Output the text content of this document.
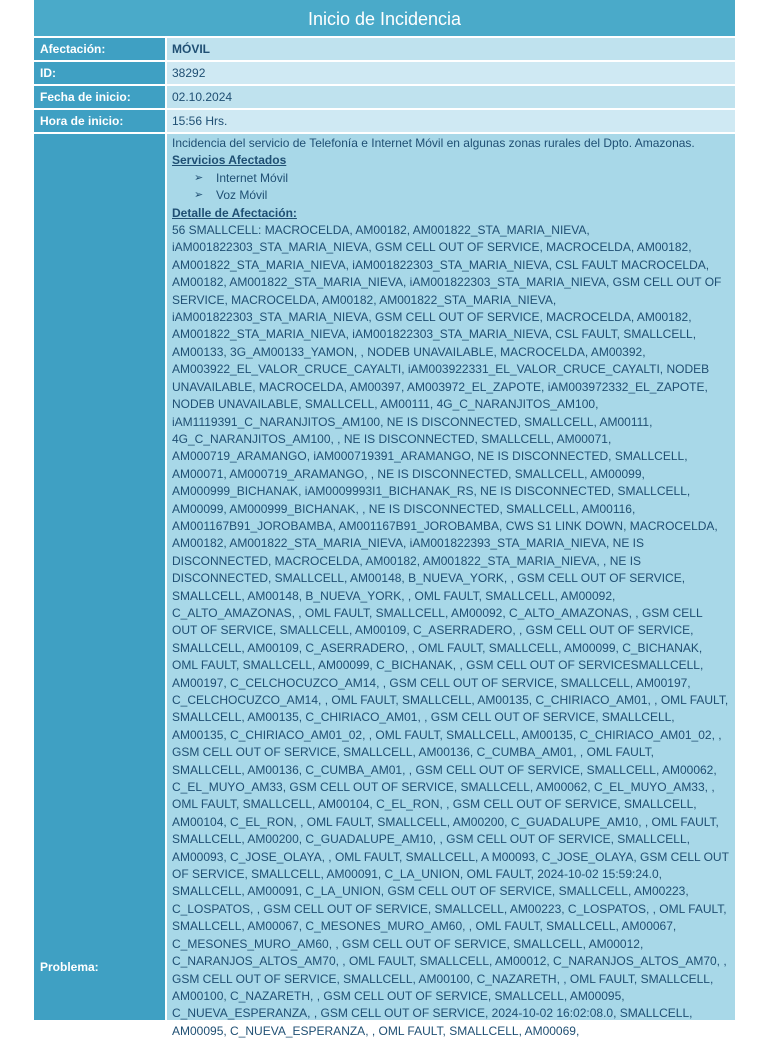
Inicio de Incidencia
Afectación:	MÓVIL
ID:	38292
Fecha de inicio:	02.10.2024
Hora de inicio:	15:56 Hrs.
Problema:
Incidencia del servicio de Telefonía e Internet Móvil en algunas zonas rurales del Dpto. Amazonas.
Servicios Afectados
➢	Internet Móvil
➢	Voz Móvil
Detalle de Afectación:
56 SMALLCELL: MACROCELDA, AM00182, AM001822_STA_MARIA_NIEVA, iAM001822303_STA_MARIA_NIEVA, GSM CELL OUT OF SERVICE, MACROCELDA, AM00182, AM001822_STA_MARIA_NIEVA, iAM001822303_STA_MARIA_NIEVA, CSL FAULT MACROCELDA, AM00182, AM001822_STA_MARIA_NIEVA, iAM001822303_STA_MARIA_NIEVA, GSM CELL OUT OF SERVICE, MACROCELDA, AM00182, AM001822_STA_MARIA_NIEVA, iAM001822303_STA_MARIA_NIEVA, GSM CELL OUT OF SERVICE, MACROCELDA, AM00182, AM001822_STA_MARIA_NIEVA, iAM001822303_STA_MARIA_NIEVA, CSL FAULT, SMALLCELL, AM00133, 3G_AM00133_YAMON, , NODEB UNAVAILABLE, MACROCELDA, AM00392, AM003922_EL_VALOR_CRUCE_CAYALTI, iAM003922331_EL_VALOR_CRUCE_CAYALTI, NODEB UNAVAILABLE, MACROCELDA, AM00397, AM003972_EL_ZAPOTE, iAM003972332_EL_ZAPOTE, NODEB UNAVAILABLE, SMALLCELL, AM00111, 4G_C_NARANJITOS_AM100, iAM1119391_C_NARANJITOS_AM100, NE IS DISCONNECTED, SMALLCELL, AM00111, 4G_C_NARANJITOS_AM100, , NE IS DISCONNECTED, SMALLCELL, AM00071, AM000719_ARAMANGO, iAM000719391_ARAMANGO, NE IS DISCONNECTED, SMALLCELL, AM00071, AM000719_ARAMANGO, , NE IS DISCONNECTED, SMALLCELL, AM00099, AM000999_BICHANAK, iAM0009993I1_BICHANAK_RS, NE IS DISCONNECTED, SMALLCELL, AM00099, AM000999_BICHANAK, , NE IS DISCONNECTED, SMALLCELL, AM00116, AM001167B91_JOROBAMBA, AM001167B91_JOROBAMBA, CWS S1 LINK DOWN, MACROCELDA, AM00182, AM001822_STA_MARIA_NIEVA, iAM001822393_STA_MARIA_NIEVA, NE IS DISCONNECTED, MACROCELDA, AM00182, AM001822_STA_MARIA_NIEVA, , NE IS DISCONNECTED, SMALLCELL, AM00148, B_NUEVA_YORK, , GSM CELL OUT OF SERVICE, SMALLCELL, AM00148, B_NUEVA_YORK, , OML FAULT, SMALLCELL, AM00092, C_ALTO_AMAZONAS, , OML FAULT, SMALLCELL, AM00092, C_ALTO_AMAZONAS, , GSM CELL OUT OF SERVICE, SMALLCELL, AM00109, C_ASERRADERO, , GSM CELL OUT OF SERVICE, SMALLCELL, AM00109, C_ASERRADERO, , OML FAULT, SMALLCELL, AM00099, C_BICHANAK, OML FAULT, SMALLCELL, AM00099, C_BICHANAK, , GSM CELL OUT OF SERVICESMALLCELL, AM00197, C_CELCHOCUZCO_AM14, , GSM CELL OUT OF SERVICE, SMALLCELL, AM00197, C_CELCHOCUZCO_AM14, , OML FAULT, SMALLCELL, AM00135, C_CHIRIACO_AM01, , OML FAULT, SMALLCELL, AM00135, C_CHIRIACO_AM01, , GSM CELL OUT OF SERVICE, SMALLCELL, AM00135, C_CHIRIACO_AM01_02, , OML FAULT, SMALLCELL, AM00135, C_CHIRIACO_AM01_02, , GSM CELL OUT OF SERVICE, SMALLCELL, AM00136, C_CUMBA_AM01, , OML FAULT, SMALLCELL, AM00136, C_CUMBA_AM01, , GSM CELL OUT OF SERVICE, SMALLCELL, AM00062, C_EL_MUYO_AM33, GSM CELL OUT OF SERVICE, SMALLCELL, AM00062, C_EL_MUYO_AM33, , OML FAULT, SMALLCELL, AM00104, C_EL_RON, , GSM CELL OUT OF SERVICE, SMALLCELL, AM00104, C_EL_RON, , OML FAULT, SMALLCELL, AM00200, C_GUADALUPE_AM10, , OML FAULT, SMALLCELL, AM00200, C_GUADALUPE_AM10, , GSM CELL OUT OF SERVICE, SMALLCELL, AM00093, C_JOSE_OLAYA, , OML FAULT, SMALLCELL, A M00093, C_JOSE_OLAYA, GSM CELL OUT OF SERVICE, SMALLCELL, AM00091, C_LA_UNION, OML FAULT, 2024-10-02 15:59:24.0, SMALLCELL, AM00091, C_LA_UNION, GSM CELL OUT OF SERVICE, SMALLCELL, AM00223, C_LOSPATOS, , GSM CELL OUT OF SERVICE, SMALLCELL, AM00223, C_LOSPATOS, , OML FAULT, SMALLCELL, AM00067, C_MESONES_MURO_AM60, , OML FAULT, SMALLCELL, AM00067, C_MESONES_MURO_AM60, , GSM CELL OUT OF SERVICE, SMALLCELL, AM00012, C_NARANJOS_ALTOS_AM70, , OML FAULT, SMALLCELL, AM00012, C_NARANJOS_ALTOS_AM70, , GSM CELL OUT OF SERVICE, SMALLCELL, AM00100, C_NAZARETH, , OML FAULT, SMALLCELL, AM00100, C_NAZARETH, , GSM CELL OUT OF SERVICE, SMALLCELL, AM00095, C_NUEVA_ESPERANZA, , GSM CELL OUT OF SERVICE, 2024-10-02 16:02:08.0, SMALLCELL, AM00095, C_NUEVA_ESPERANZA, , OML FAULT, SMALLCELL, AM00069,
